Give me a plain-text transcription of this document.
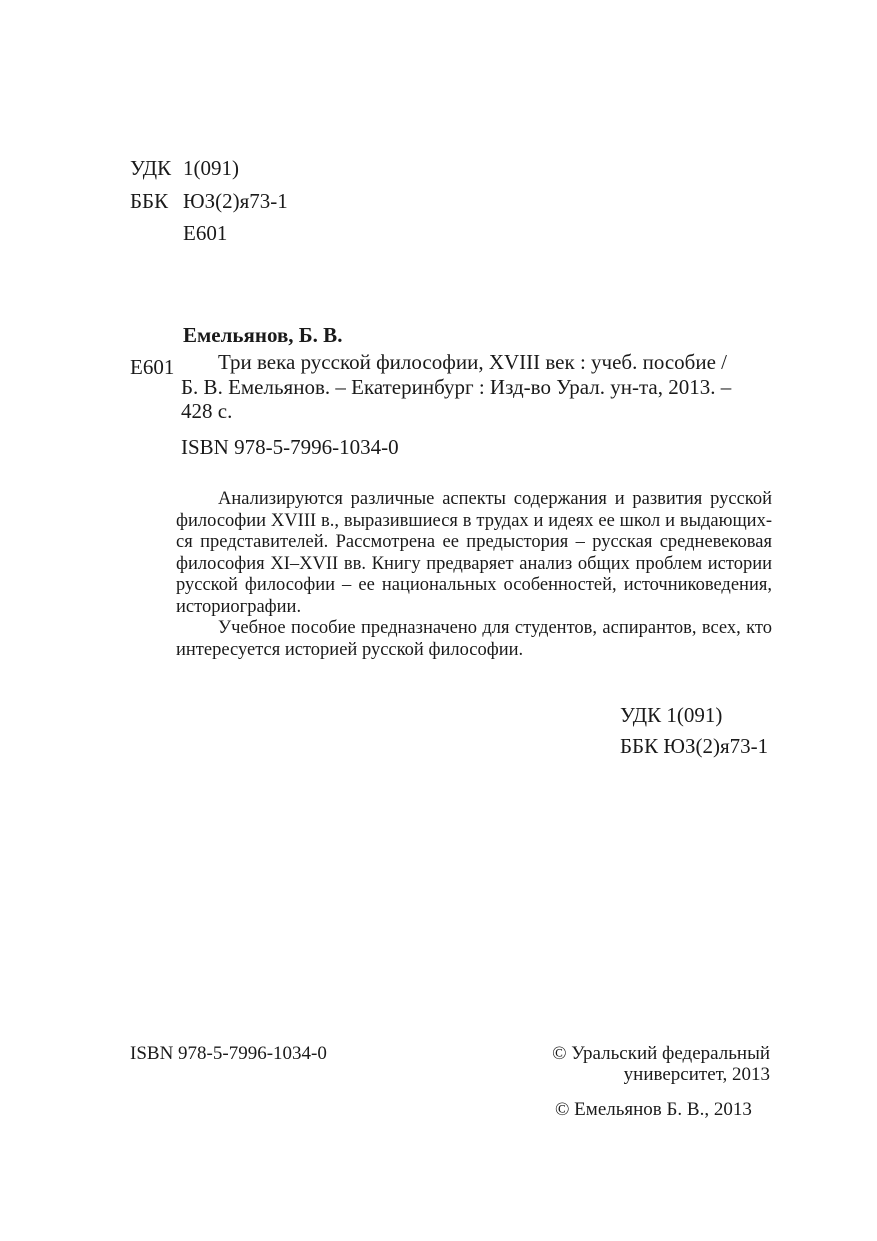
УДК 1(091)
ББК ЮЗ(2)я73-1
Е601
Емельянов, Б. В.
Е601 Три века русской философии, XVIII век : учеб. пособие /
Б. В. Емельянов. – Екатеринбург : Изд-во Урал. ун-та, 2013. –
428 с.
ISBN 978-5-7996-1034-0

Анализируются различные аспекты содержания и развития русской
философии XVIII в., выразившиеся в трудах и идеях ее школ и выдающих-
ся представителей. Рассмотрена ее предыстория – русская средневековая
философия XI–XVII вв. Книгу предваряет анализ общих проблем истории
русской философии – ее национальных особенностей, источниковедения,
историографии.

Учебное пособие предназначено для студентов, аспирантов, всех, кто
интересуется историей русской философии.

УДК 1(091)
ББК ЮЗ(2)я73-1
ISBN 978-5-7996-1034-0	© Уральский федеральный
университет, 2013
© Емельянов Б. В., 2013
